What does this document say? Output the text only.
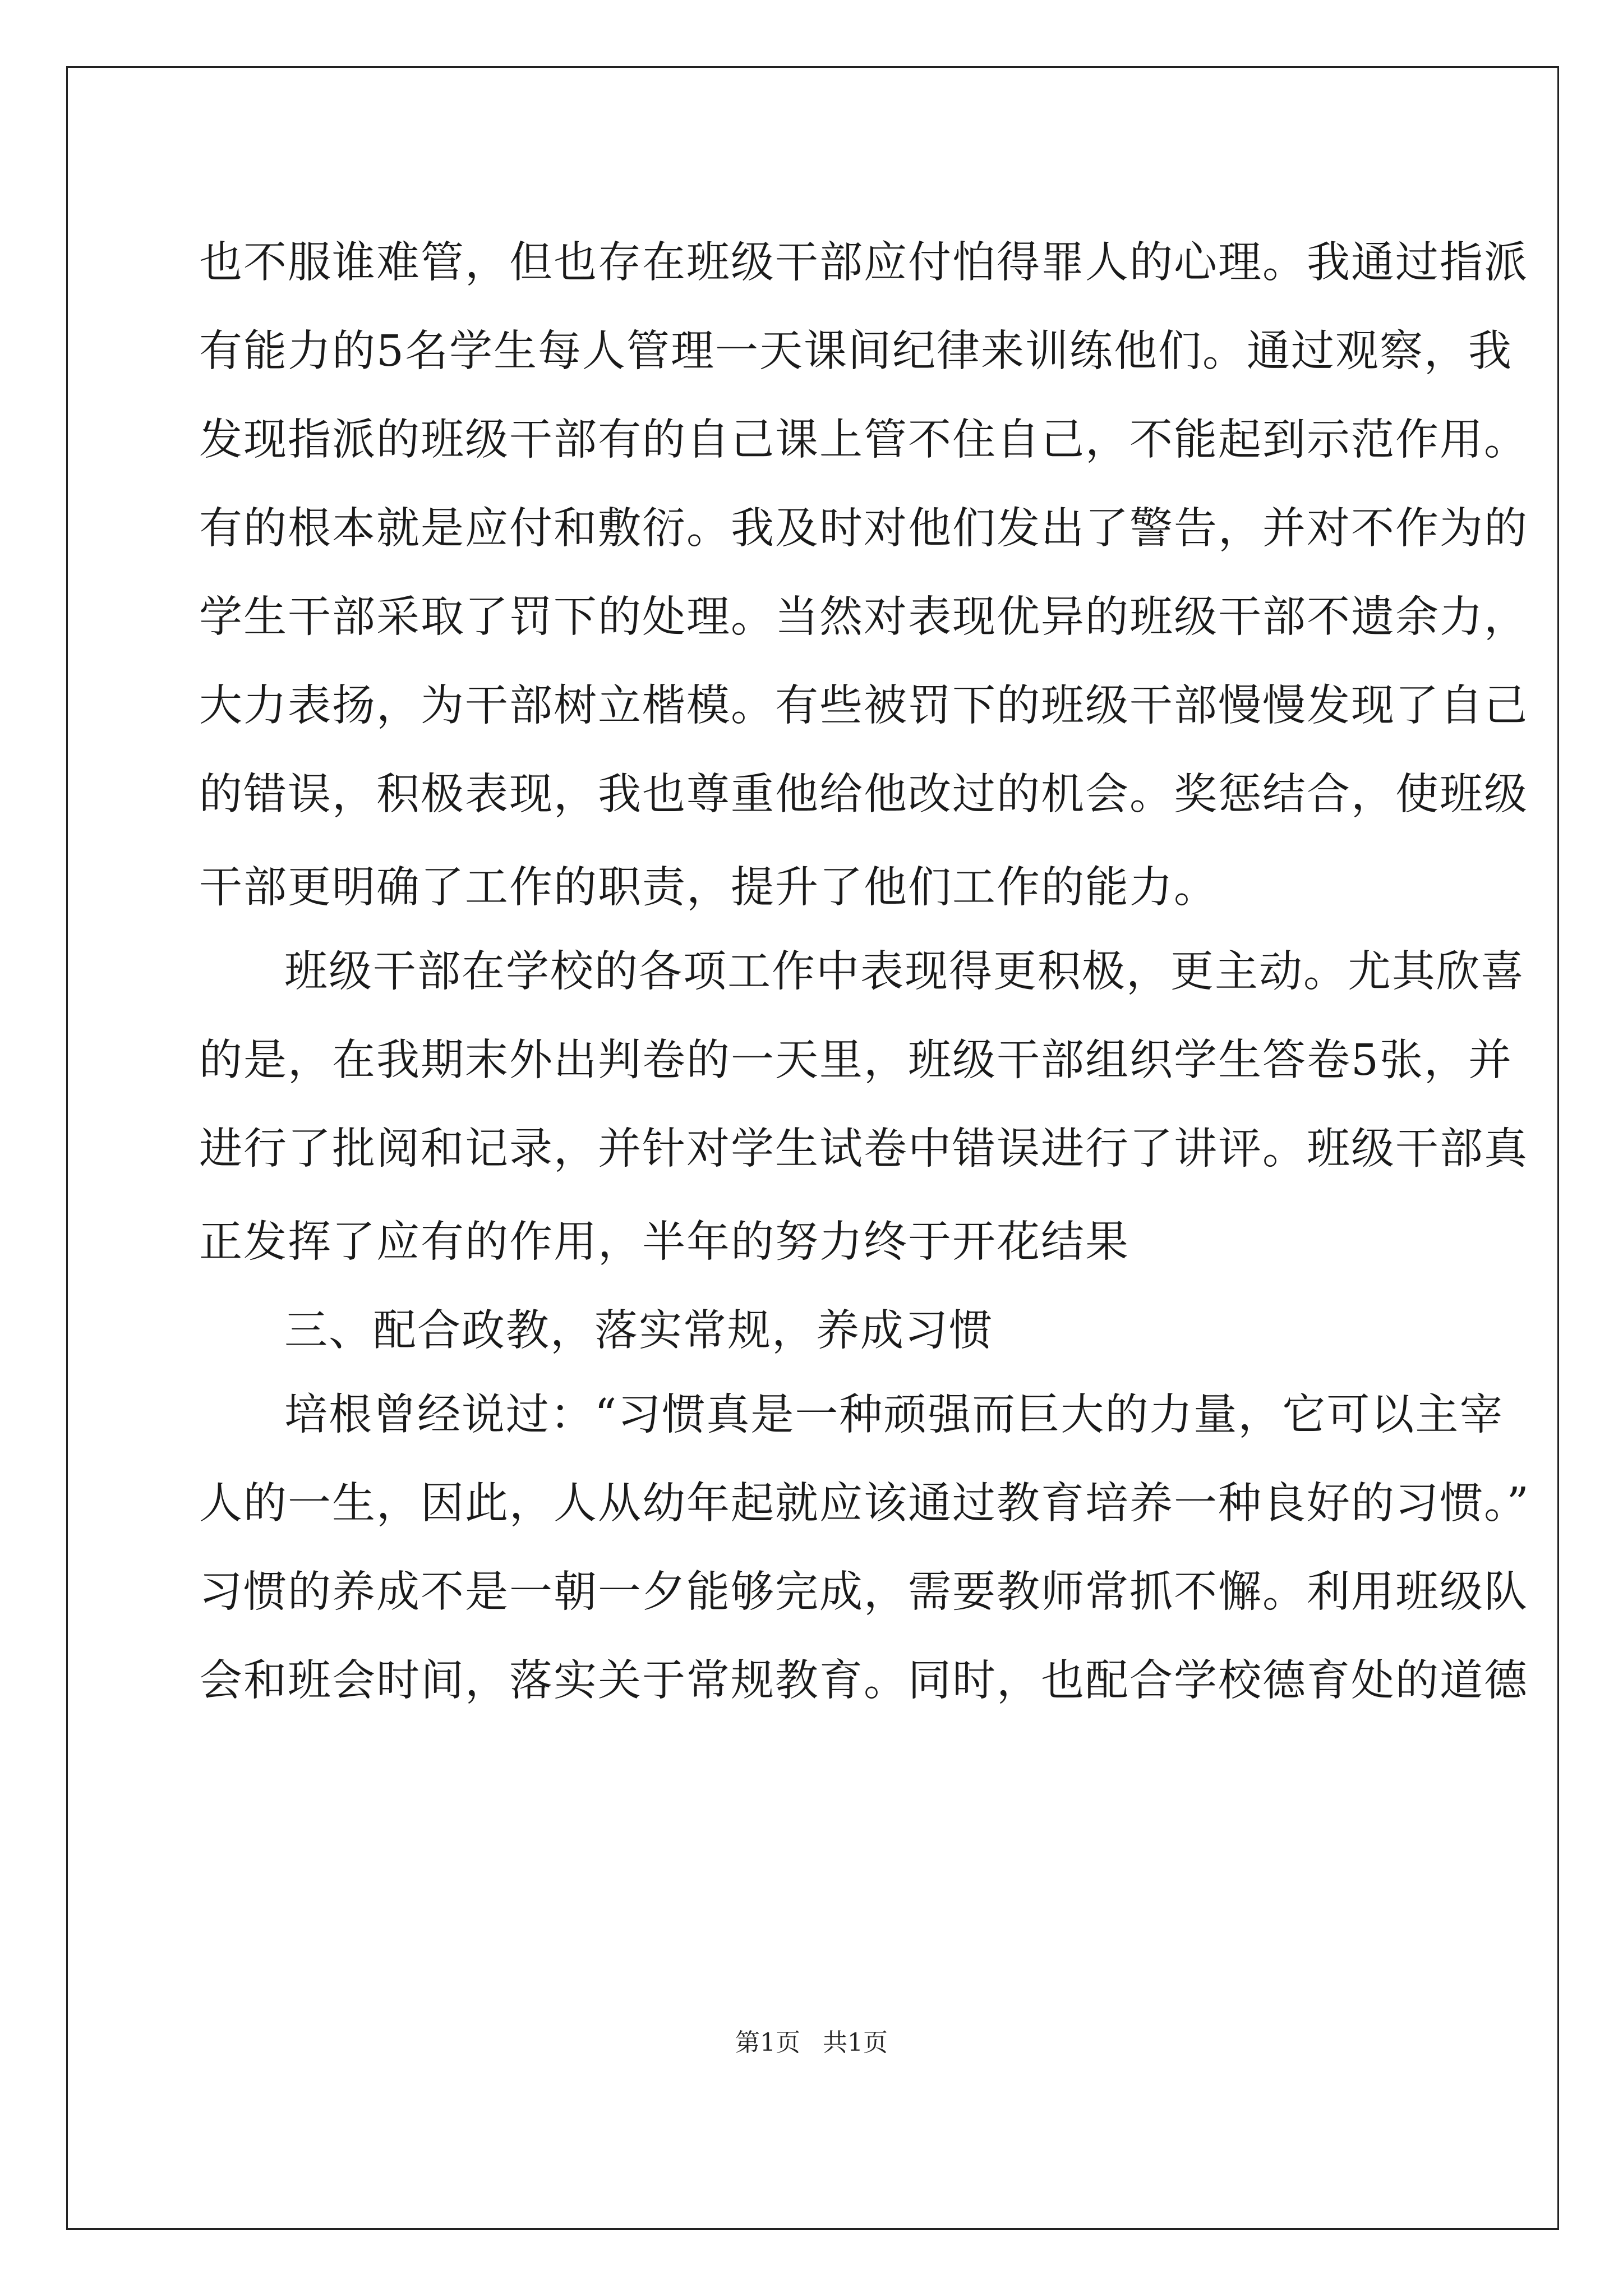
也不服谁难管，但也存在班级干部应付怕得罪人的心理。我通过指派
有能力的5名学生每人管理一天课间纪律来训练他们。通过观察，我
发现指派的班级干部有的自己课上管不住自己，不能起到示范作用。
有的根本就是应付和敷衍。我及时对他们发出了警告，并对不作为的
学生干部采取了罚下的处理。当然对表现优异的班级干部不遗余力，
大力表扬，为干部树立楷模。有些被罚下的班级干部慢慢发现了自己
的错误，积极表现，我也尊重他给他改过的机会。奖惩结合，使班级
干部更明确了工作的职责，提升了他们工作的能力。
班级干部在学校的各项工作中表现得更积极，更主动。尤其欣喜
的是，在我期末外出判卷的一天里，班级干部组织学生答卷5张，并
进行了批阅和记录，并针对学生试卷中错误进行了讲评。班级干部真
正发挥了应有的作用，半年的努力终于开花结果
三、配合政教，落实常规，养成习惯
培根曾经说过：“习惯真是一种顽强而巨大的力量，它可以主宰
人的一生，因此，人从幼年起就应该通过教育培养一种良好的习惯。”
习惯的养成不是一朝一夕能够完成，需要教师常抓不懈。利用班级队
会和班会时间，落实关于常规教育。同时，也配合学校德育处的道德
第1页 共1页
